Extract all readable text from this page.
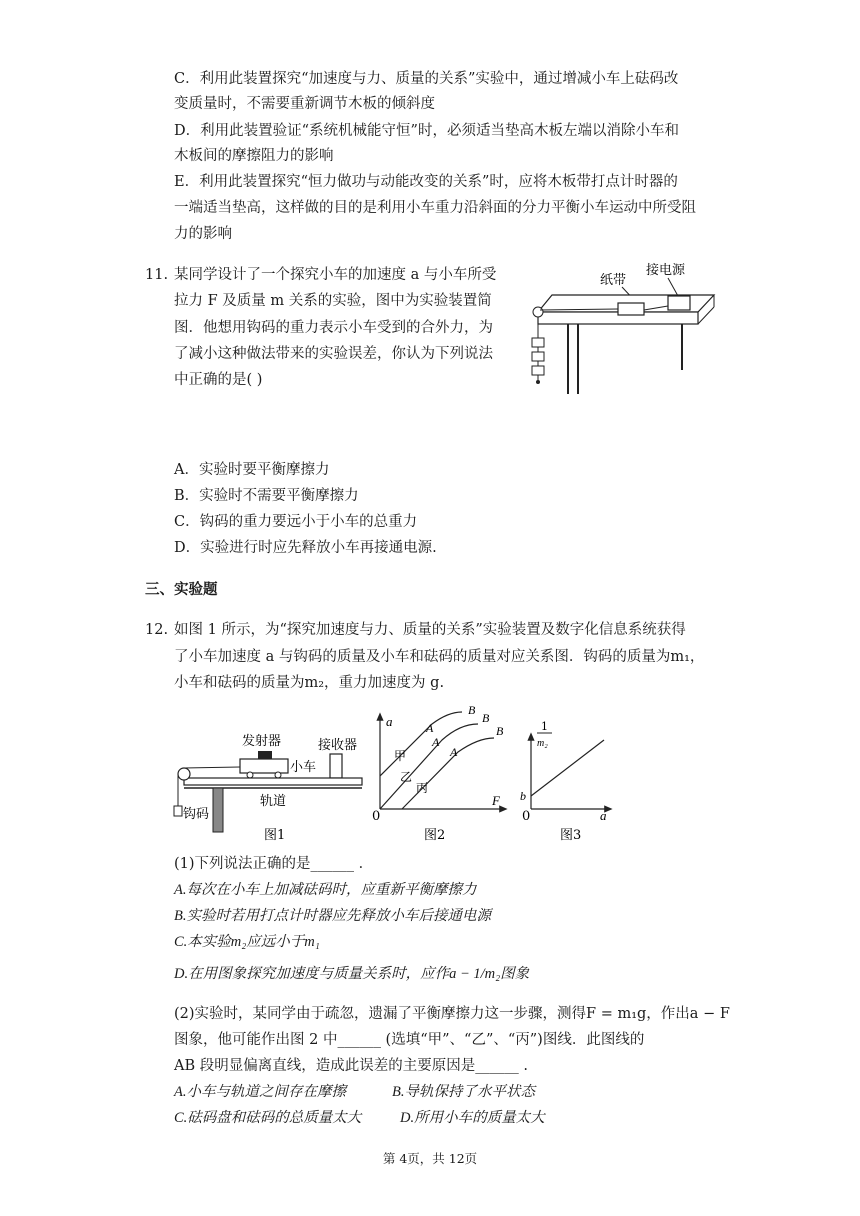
C．利用此装置探究“加速度与力、质量的关系”实验中，通过增减小车上砝码改
变质量时，不需要重新调节木板的倾斜度
D．利用此装置验证“系统机械能守恒”时，必须适当垫高木板左端以消除小车和
木板间的摩擦阻力的影响
E．利用此装置探究“恒力做功与动能改变的关系”时，应将木板带打点计时器的
一端适当垫高，这样做的目的是利用小车重力沿斜面的分力平衡小车运动中所受阻
力的影响
11. 某同学设计了一个探究小车的加速度 a 与小车所受
拉力 F 及质量 m 关系的实验，图中为实验装置简
图．他想用钩码的重力表示小车受到的合外力，为
了减小这种做法带来的实验误差，你认为下列说法
中正确的是( )
纸带
接电源
A．实验时要平衡摩擦力
B．实验时不需要平衡摩擦力
C．钩码的重力要远小于小车的总重力
D．实验进行时应先释放小车再接通电源.
三、实验题
12. 如图 1 所示，为“探究加速度与力、质量的关系”实验装置及数字化信息系统获得
了小车加速度 a 与钩码的质量及小车和砝码的质量对应关系图．钩码的质量为m₁，
小车和砝码的质量为m₂，重力加速度为 g.
发射器	接收器
小车
轨道
钩码
图1
a
F
0
甲
乙
丙
A
A
A
B
B
B
图2
1
m₂
b
0	a
图3
(1)下列说法正确的是______ ．
A.每次在小车上加减砝码时，应重新平衡摩擦力
B.实验时若用打点计时器应先释放小车后接通电源
C.本实验m₂应远小于m₁
D.在用图象探究加速度与质量关系时，应作a − 1/m₂图象
(2)实验时，某同学由于疏忽，遗漏了平衡摩擦力这一步骤，测得F = m₁g，作出a − F
图象，他可能作出图 2 中______ (选填“甲”、“乙”、“丙”)图线．此图线的
AB 段明显偏离直线，造成此误差的主要原因是______ .
A.小车与轨道之间存在摩擦	B.导轨保持了水平状态
C.砝码盘和砝码的总质量太大	D.所用小车的质量太大
第 4页，共 12页
